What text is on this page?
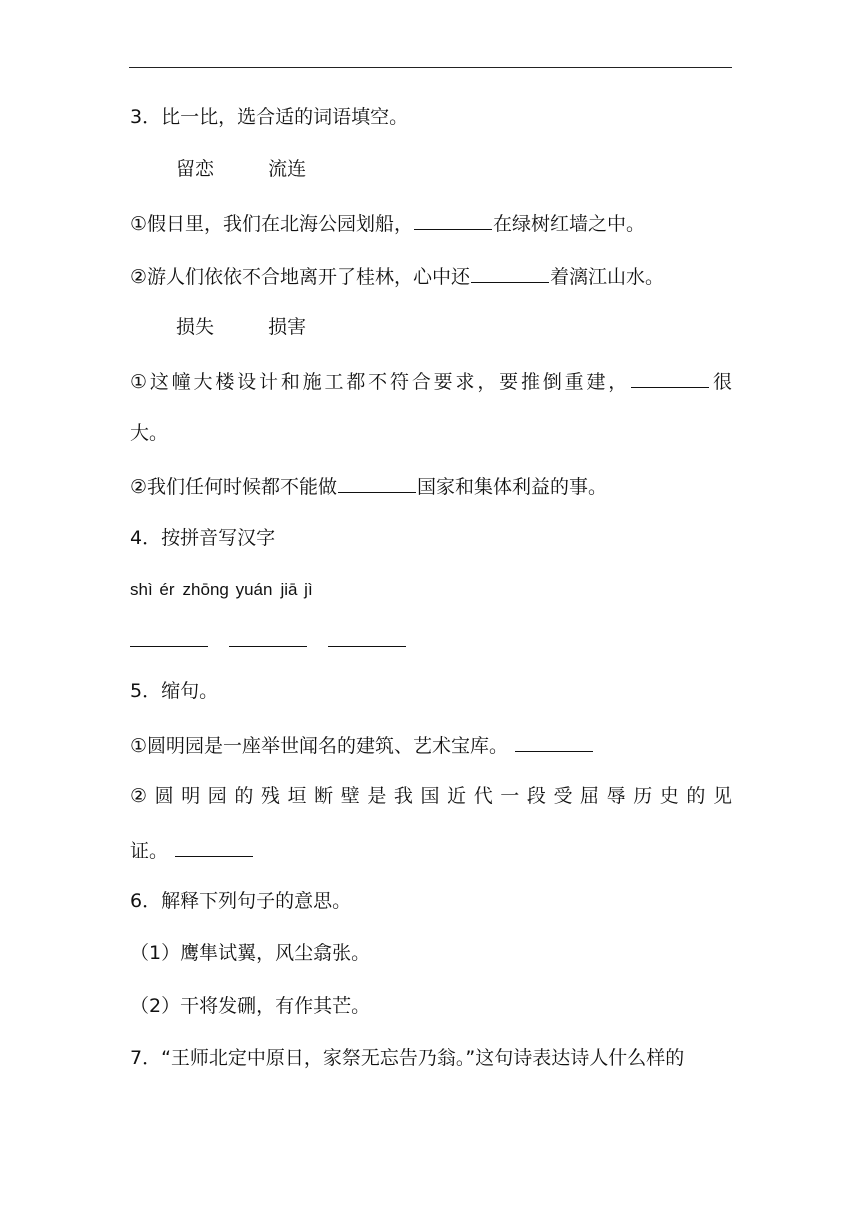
3．比一比，选合适的词语填空。
留恋	流连
①假日里，我们在北海公园划船，	在绿树红墙之中。
②游人们依依不合地离开了桂林，心中还	着漓江山水。
损失	损害
①这幢大楼设计和施工都不符合要求，要推倒重建，	很
大。
②我们任何时候都不能做	国家和集体利益的事。
4．按拼音写汉字
shì ér zhōng yuán jiā jì
5．缩句。
①圆明园是一座举世闻名的建筑、艺术宝库。
②圆明园的残垣断壁是我国近代一段受屈辱历史的见
证。
6．解释下列句子的意思。
（1）鹰隼试翼，风尘翕张。
（2）干将发硎，有作其芒。
7．“王师北定中原日，家祭无忘告乃翁。”这句诗表达诗人什么样的
